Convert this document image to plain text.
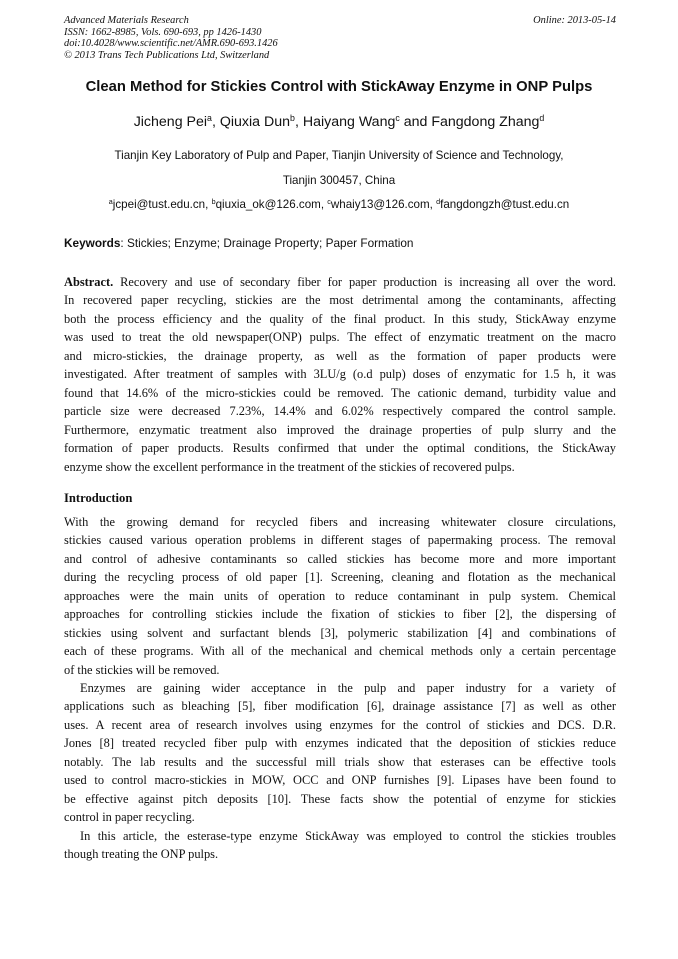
Advanced Materials Research
ISSN: 1662-8985, Vols. 690-693, pp 1426-1430
doi:10.4028/www.scientific.net/AMR.690-693.1426
© 2013 Trans Tech Publications Ltd, Switzerland
Online: 2013-05-14
Clean Method for Stickies Control with StickAway Enzyme in ONP Pulps
Jicheng Pei$^a$, Qiuxia Dun$^b$, Haiyang Wang$^c$ and Fangdong Zhang$^d$
Tianjin Key Laboratory of Pulp and Paper, Tianjin University of Science and Technology,
Tianjin 300457, China
$^a$jcpei@tust.edu.cn, $^b$qiuxia_ok@126.com, $^c$whaiy13@126.com, $^d$fangdongzh@tust.edu.cn
Keywords: Stickies; Enzyme; Drainage Property; Paper Formation
Abstract. Recovery and use of secondary fiber for paper production is increasing all over the word.
In recovered paper recycling, stickies are the most detrimental among the contaminants, affecting
both the process efficiency and the quality of the final product. In this study, StickAway enzyme
was used to treat the old newspaper(ONP) pulps. The effect of enzymatic treatment on the macro
and micro-stickies, the drainage property, as well as the formation of paper products were
investigated. After treatment of samples with 3LU/g (o.d pulp) doses of enzymatic for 1.5 h, it was
found that 14.6% of the micro-stickies could be removed. The cationic demand, turbidity value and
particle size were decreased 7.23%, 14.4% and 6.02% respectively compared the control sample.
Furthermore, enzymatic treatment also improved the drainage properties of pulp slurry and the
formation of paper products. Results confirmed that under the optimal conditions, the StickAway
enzyme show the excellent performance in the treatment of the stickies of recovered pulps.
Introduction
With the growing demand for recycled fibers and increasing whitewater closure circulations,
stickies caused various operation problems in different stages of papermaking process. The removal
and control of adhesive contaminants so called stickies has become more and more important
during the recycling process of old paper [1]. Screening, cleaning and flotation as the mechanical
approaches were the main units of operation to reduce contaminant in pulp system. Chemical
approaches for controlling stickies include the fixation of stickies to fiber [2], the dispersing of
stickies using solvent and surfactant blends [3], polymeric stabilization [4] and combinations of
each of these programs. With all of the mechanical and chemical methods only a certain percentage
of the stickies will be removed.
Enzymes are gaining wider acceptance in the pulp and paper industry for a variety of
applications such as bleaching [5], fiber modification [6], drainage assistance [7] as well as other
uses. A recent area of research involves using enzymes for the control of stickies and DCS. D.R.
Jones [8] treated recycled fiber pulp with enzymes indicated that the deposition of stickies reduce
notably. The lab results and the successful mill trials show that esterases can be effective tools
used to control macro-stickies in MOW, OCC and ONP furnishes [9]. Lipases have been found to
be effective against pitch deposits [10]. These facts show the potential of enzyme for stickies
control in paper recycling.
In this article, the esterase-type enzyme StickAway was employed to control the stickies troubles
though treating the ONP pulps.
